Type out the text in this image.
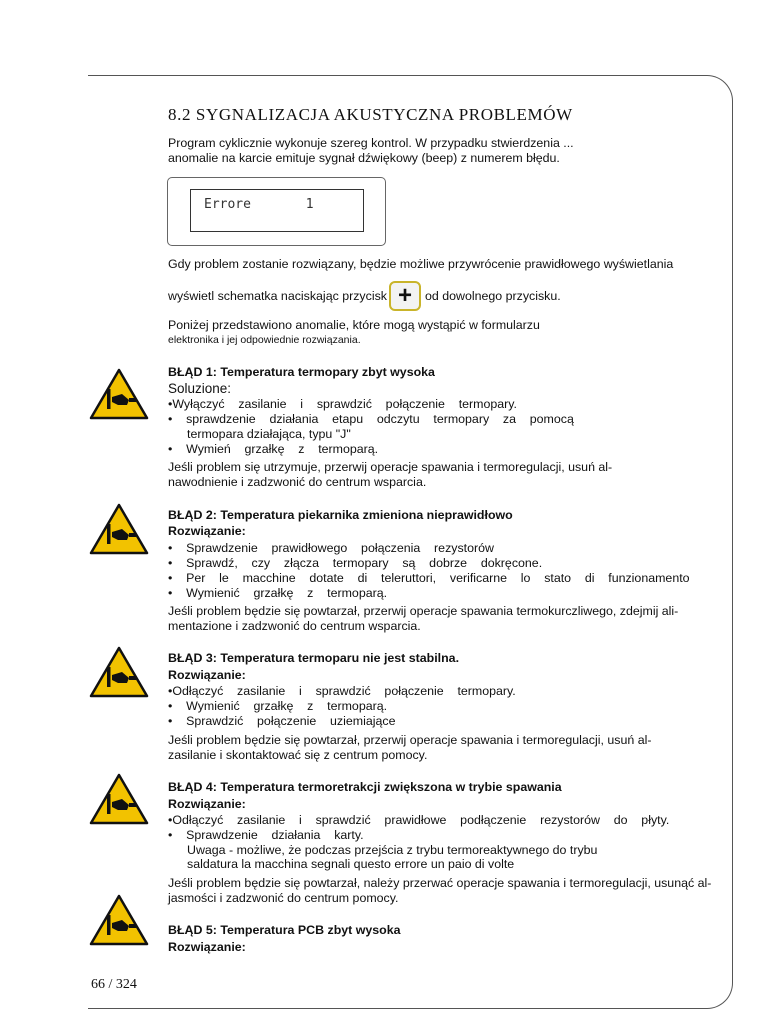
8.2 SYGNALIZACJA AKUSTYCZNA PROBLEMÓW
Program cyklicznie wykonuje szereg kontrol. W przypadku stwierdzenia ...
anomalie na karcie emituje sygnał dźwiękowy (beep) z numerem błędu.
Errore       1
Gdy problem zostanie rozwiązany, będzie możliwe przywrócenie prawidłowego wyświetlania
wyświetl schematka naciskając przycisk + od dowolnego przycisku.
Poniżej przedstawiono anomalie, które mogą wystąpić w formularzu
elektronika i jej odpowiednie rozwiązania.
BŁĄD 1: Temperatura termopary zbyt wysoka
Soluzione:
•Wyłączyć    zasilanie    i    sprawdzić    połączenie    termopary.
•    sprawdzenie    działania    etapu    odczytu    termopary    za    pomocą
termopara działająca, typu "J"
•    Wymień    grzałkę    z    termoparą.
Jeśli problem się utrzymuje, przerwij operacje spawania i termoregulacji, usuń al-
nawodnienie i zadzwonić do centrum wsparcia.
BŁĄD 2: Temperatura piekarnika zmieniona nieprawidłowo
Rozwiązanie:
•    Sprawdzenie    prawidłowego    połączenia    rezystorów
•    Sprawdź,    czy    złącza    termopary    są    dobrze    dokręcone.
•    Per    le    macchine    dotate    di    teleruttori,    verificarne    lo    stato    di    funzionamento
•    Wymienić    grzałkę    z    termoparą.
Jeśli problem będzie się powtarzał, przerwij operacje spawania termokurczliwego, zdejmij ali-
mentazione i zadzwonić do centrum wsparcia.
BŁĄD 3: Temperatura termoparu nie jest stabilna.
Rozwiązanie:
•Odłączyć    zasilanie    i    sprawdzić    połączenie    termopary.
•    Wymienić    grzałkę    z    termoparą.
•    Sprawdzić    połączenie    uziemiające
Jeśli problem będzie się powtarzał, przerwij operacje spawania i termoregulacji, usuń al-
zasilanie i skontaktować się z centrum pomocy.
BŁĄD 4: Temperatura termoretrakcji zwiększona w trybie spawania
Rozwiązanie:
•Odłączyć    zasilanie    i    sprawdzić    prawidłowe    podłączenie    rezystorów    do    płyty.
•    Sprawdzenie    działania    karty.
Uwaga - możliwe, że podczas przejścia z trybu termoreaktywnego do trybu
saldatura la macchina segnali questo errore un paio di volte
Jeśli problem będzie się powtarzał, należy przerwać operacje spawania i termoregulacji, usunąć al-
jasmości i zadzwonić do centrum pomocy.
BŁĄD 5: Temperatura PCB zbyt wysoka
Rozwiązanie:
66 / 324
